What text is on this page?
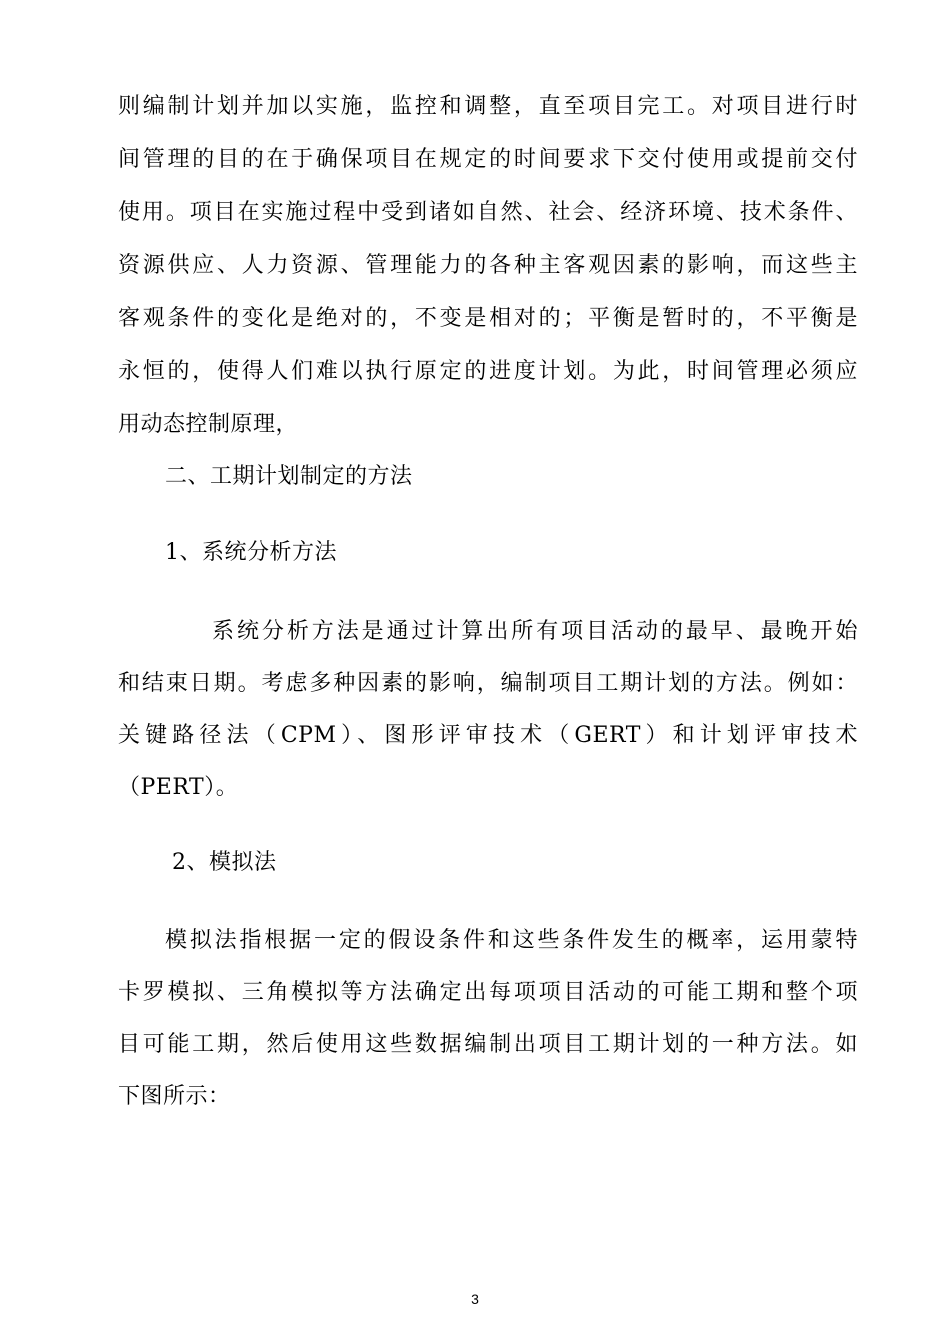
则编制计划并加以实施，监控和调整，直至项目完工。对项目进行时
间管理的目的在于确保项目在规定的时间要求下交付使用或提前交付
使用。项目在实施过程中受到诸如自然、社会、经济环境、技术条件、
资源供应、人力资源、管理能力的各种主客观因素的影响，而这些主
客观条件的变化是绝对的，不变是相对的；平衡是暂时的，不平衡是
永恒的，使得人们难以执行原定的进度计划。为此，时间管理必须应
用动态控制原理，
二、工期计划制定的方法
1、系统分析方法
系统分析方法是通过计算出所有项目活动的最早、最晚开始
和结束日期。考虑多种因素的影响，编制项目工期计划的方法。例如：
关键路径法（CPM）、图形评审技术（GERT）和计划评审技术
（PERT）。
2、模拟法
模拟法指根据一定的假设条件和这些条件发生的概率，运用蒙特
卡罗模拟、三角模拟等方法确定出每项项目活动的可能工期和整个项
目可能工期，然后使用这些数据编制出项目工期计划的一种方法。如
下图所示：
3
